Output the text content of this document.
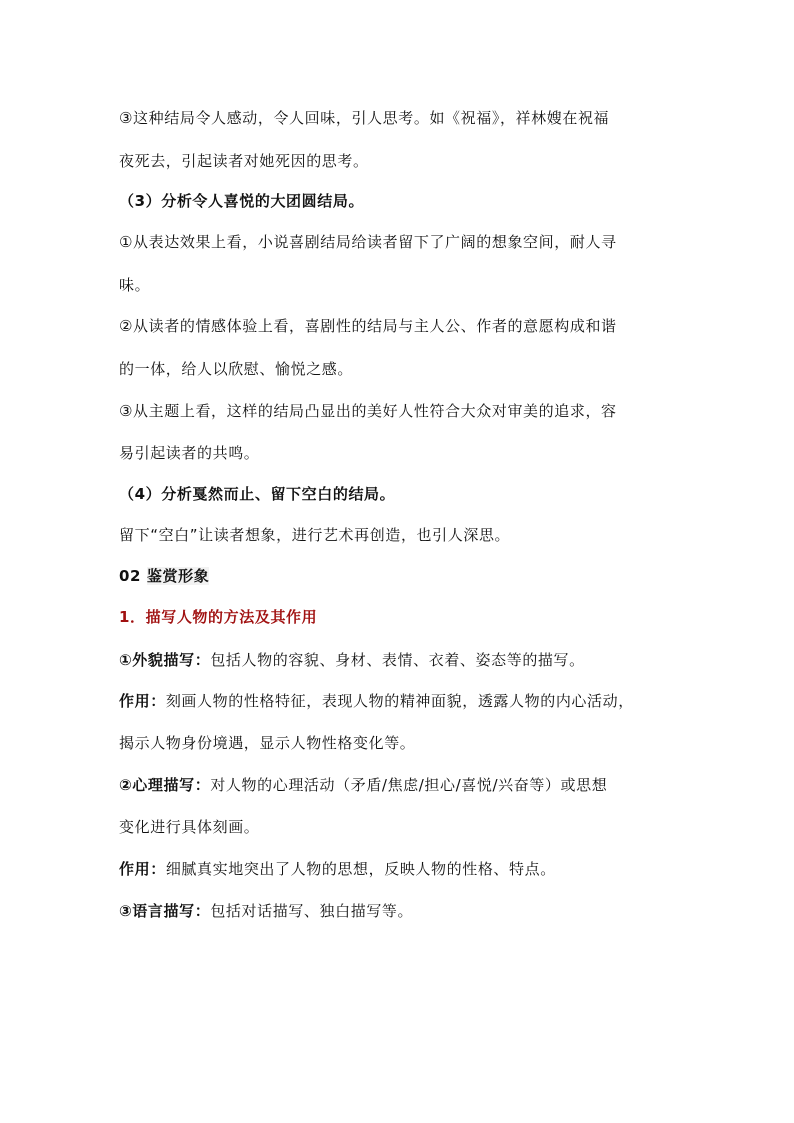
③这种结局令人感动，令人回味，引人思考。如《祝福》，祥林嫂在祝福
夜死去，引起读者对她死因的思考。
（3）分析令人喜悦的大团圆结局。
①从表达效果上看，小说喜剧结局给读者留下了广阔的想象空间，耐人寻
味。
②从读者的情感体验上看，喜剧性的结局与主人公、作者的意愿构成和谐
的一体，给人以欣慰、愉悦之感。
③从主题上看，这样的结局凸显出的美好人性符合大众对审美的追求，容
易引起读者的共鸣。
（4）分析戛然而止、留下空白的结局。
留下“空白”让读者想象，进行艺术再创造，也引人深思。
02 鉴赏形象
1．描写人物的方法及其作用
①外貌描写：包括人物的容貌、身材、表情、衣着、姿态等的描写。
作用：刻画人物的性格特征，表现人物的精神面貌，透露人物的内心活动，
揭示人物身份境遇，显示人物性格变化等。
②心理描写：对人物的心理活动（矛盾/焦虑/担心/喜悦/兴奋等）或思想
变化进行具体刻画。
作用：细腻真实地突出了人物的思想，反映人物的性格、特点。
③语言描写：包括对话描写、独白描写等。
